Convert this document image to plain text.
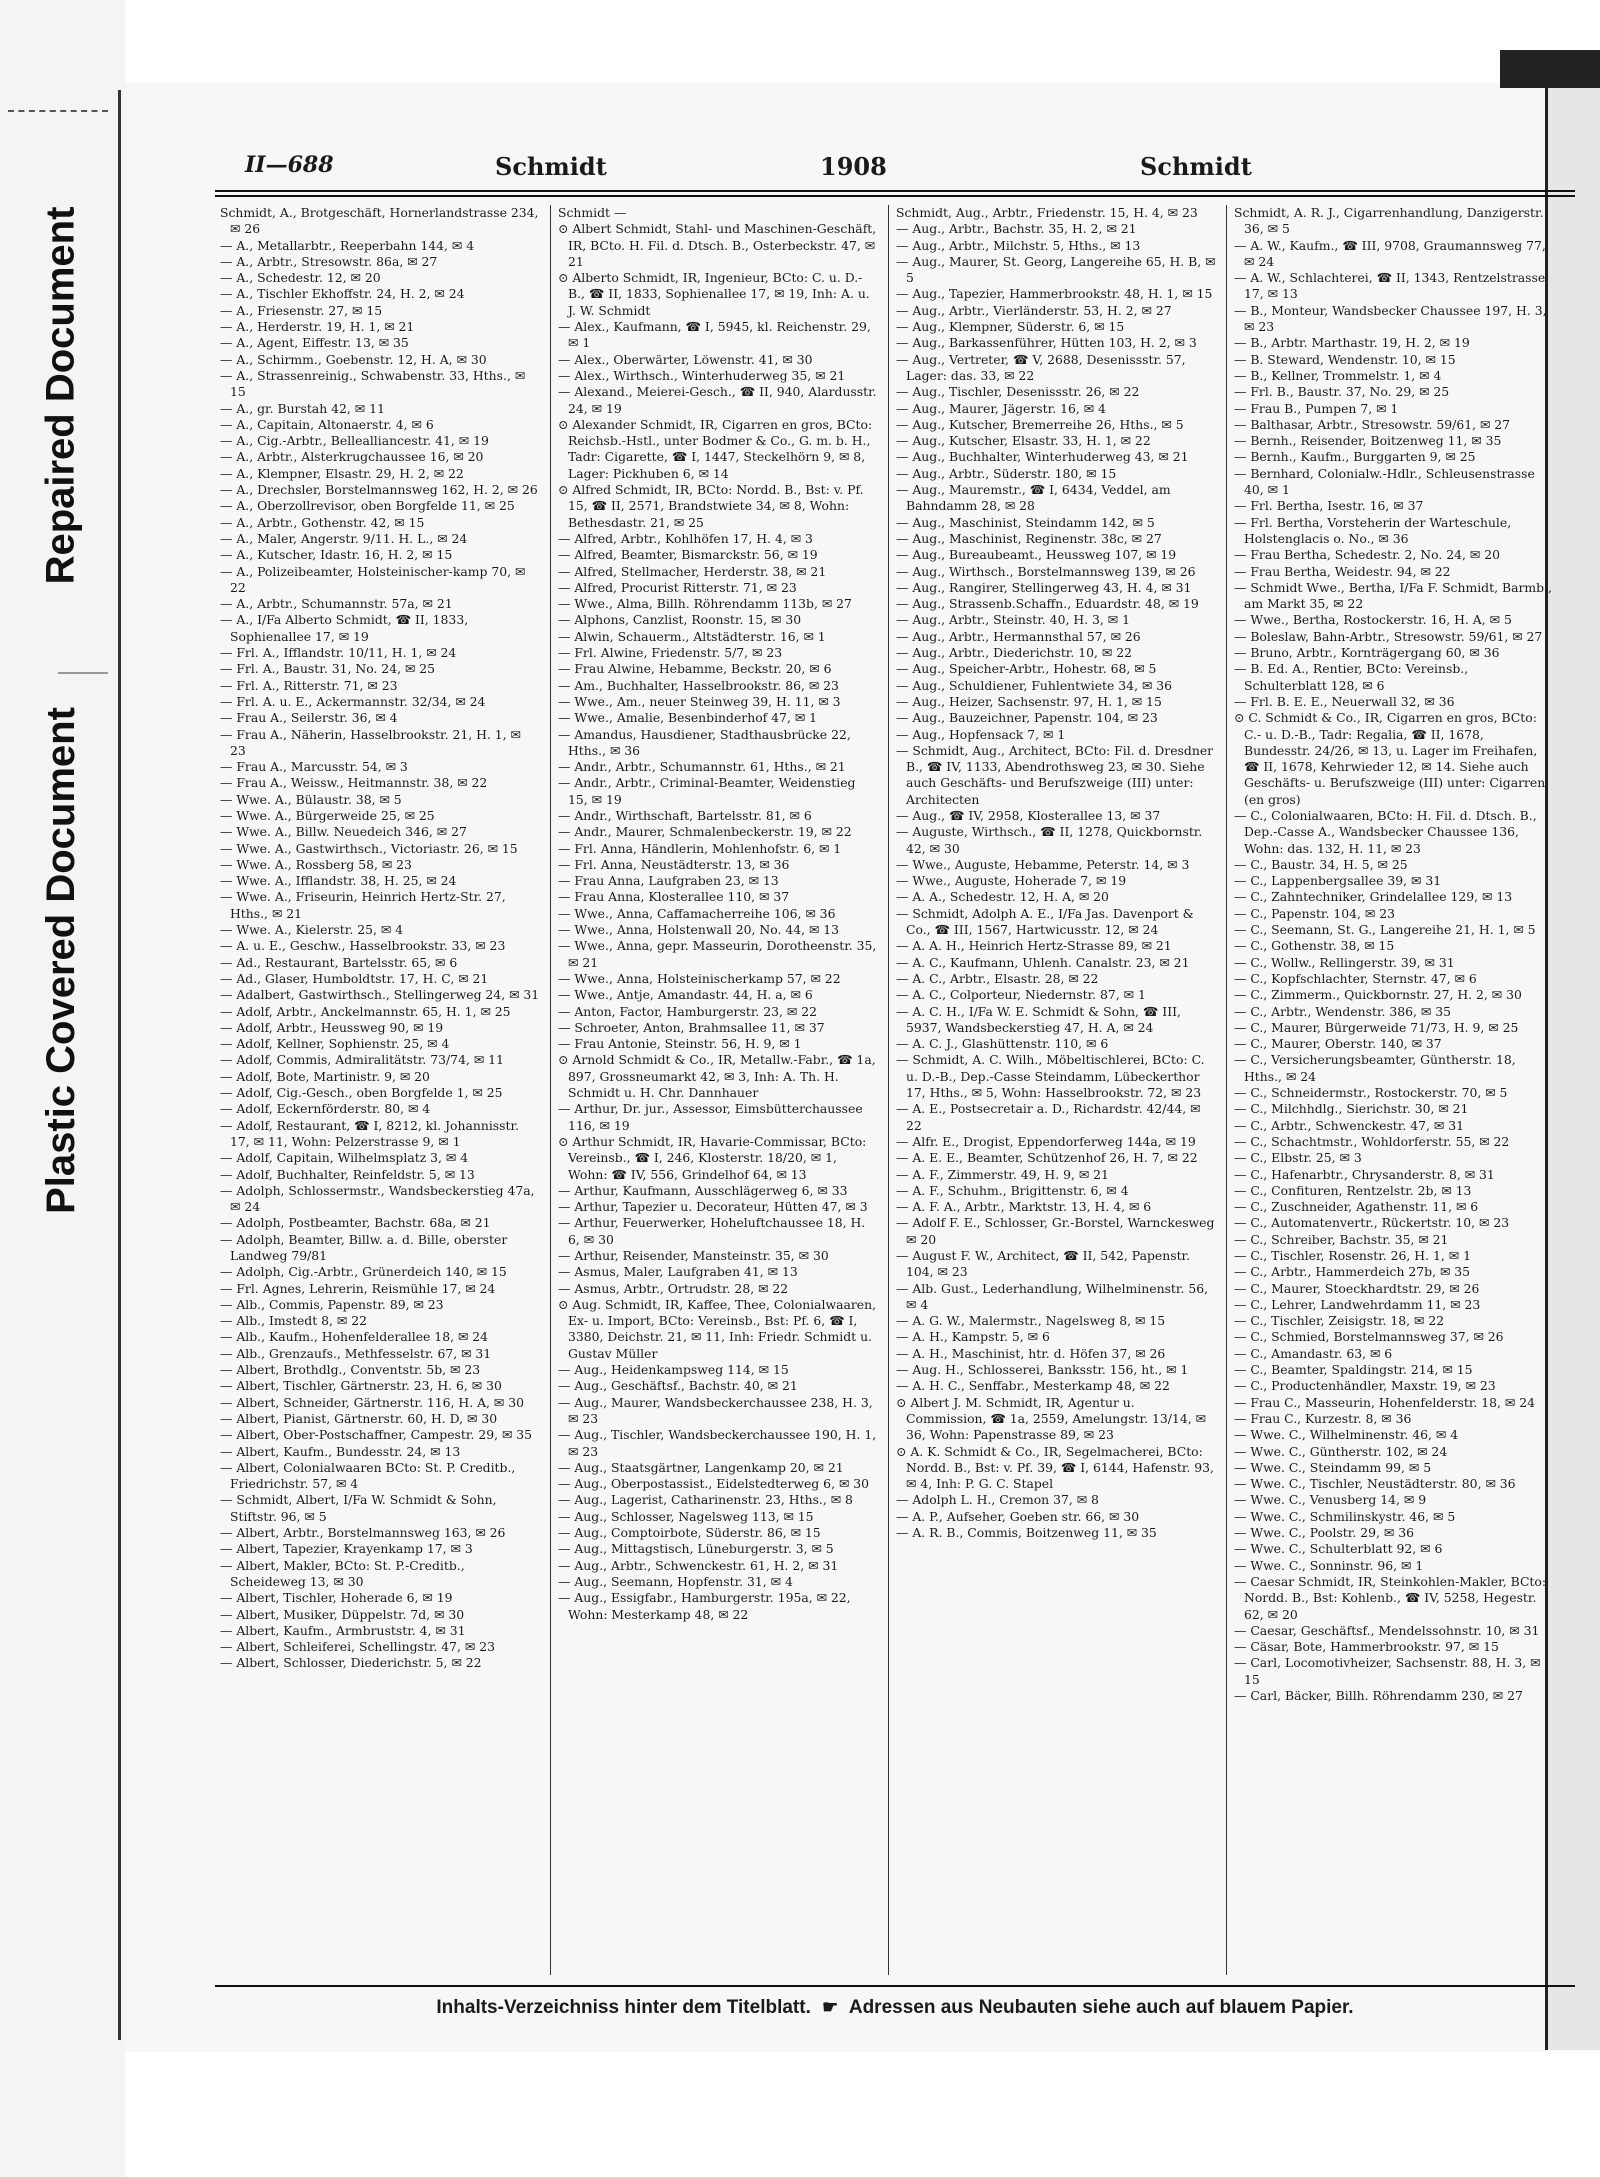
Repaired Document
Plastic Covered Document
II—688	Schmidt	1908	Schmidt

Schmidt, A., Brotgeschäft, Hornerlandstrasse 234, ✉ 26

— A., Metallarbtr., Reeperbahn 144, ✉ 4

— A., Arbtr., Stresowstr. 86a, ✉ 27

— A., Schedestr. 12, ✉ 20

— A., Tischler Ekhoffstr. 24, H. 2, ✉ 24

— A., Friesenstr. 27, ✉ 15

— A., Herderstr. 19, H. 1, ✉ 21

— A., Agent, Eiffestr. 13, ✉ 35

— A., Schirmm., Goebenstr. 12, H. A, ✉ 30

— A., Strassenreinig., Schwabenstr. 33, Hths., ✉ 15

— A., gr. Burstah 42, ✉ 11

— A., Capitain, Altonaerstr. 4, ✉ 6

— A., Cig.-Arbtr., Bellealliancestr. 41, ✉ 19

— A., Arbtr., Alsterkrugchaussee 16, ✉ 20

— A., Klempner, Elsastr. 29, H. 2, ✉ 22

— A., Drechsler, Borstelmannsweg 162, H. 2, ✉ 26

— A., Oberzollrevisor, oben Borgfelde 11, ✉ 25

— A., Arbtr., Gothenstr. 42, ✉ 15

— A., Maler, Angerstr. 9/11. H. L., ✉ 24

— A., Kutscher, Idastr. 16, H. 2, ✉ 15

— A., Polizeibeamter, Holsteinischer-kamp 70, ✉ 22

— A., Arbtr., Schumannstr. 57a, ✉ 21

— A., I/Fa Alberto Schmidt, ☎ II, 1833, Sophienallee 17, ✉ 19

— Frl. A., Ifflandstr. 10/11, H. 1, ✉ 24

— Frl. A., Baustr. 31, No. 24, ✉ 25

— Frl. A., Ritterstr. 71, ✉ 23

— Frl. A. u. E., Ackermannstr. 32/34, ✉ 24

— Frau A., Seilerstr. 36, ✉ 4

— Frau A., Näherin, Hasselbrookstr. 21, H. 1, ✉ 23

— Frau A., Marcusstr. 54, ✉ 3

— Frau A., Weissw., Heitmannstr. 38, ✉ 22

— Wwe. A., Bülaustr. 38, ✉ 5

— Wwe. A., Bürgerweide 25, ✉ 25

— Wwe. A., Billw. Neuedeich 346, ✉ 27

— Wwe. A., Gastwirthsch., Victoriastr. 26, ✉ 15

— Wwe. A., Rossberg 58, ✉ 23

— Wwe. A., Ifflandstr. 38, H. 25, ✉ 24

— Wwe. A., Friseurin, Heinrich Hertz-Str. 27, Hths., ✉ 21

— Wwe. A., Kielerstr. 25, ✉ 4

— A. u. E., Geschw., Hasselbrookstr. 33, ✉ 23

— Ad., Restaurant, Bartelsstr. 65, ✉ 6

— Ad., Glaser, Humboldtstr. 17, H. C, ✉ 21

— Adalbert, Gastwirthsch., Stellingerweg 24, ✉ 31

— Adolf, Arbtr., Anckelmannstr. 65, H. 1, ✉ 25

— Adolf, Arbtr., Heussweg 90, ✉ 19

— Adolf, Kellner, Sophienstr. 25, ✉ 4

— Adolf, Commis, Admiralitätstr. 73/74, ✉ 11

— Adolf, Bote, Martinistr. 9, ✉ 20

— Adolf, Cig.-Gesch., oben Borgfelde 1, ✉ 25

— Adolf, Eckernförderstr. 80, ✉ 4

— Adolf, Restaurant, ☎ I, 8212, kl. Johannisstr. 17, ✉ 11, Wohn: Pelzerstrasse 9, ✉ 1

— Adolf, Capitain, Wilhelmsplatz 3, ✉ 4

— Adolf, Buchhalter, Reinfeldstr. 5, ✉ 13

— Adolph, Schlossermstr., Wandsbeckerstieg 47a, ✉ 24

— Adolph, Postbeamter, Bachstr. 68a, ✉ 21

— Adolph, Beamter, Billw. a. d. Bille, oberster Landweg 79/81

— Adolph, Cig.-Arbtr., Grünerdeich 140, ✉ 15

— Frl. Agnes, Lehrerin, Reismühle 17, ✉ 24

— Alb., Commis, Papenstr. 89, ✉ 23

— Alb., Imstedt 8, ✉ 22

— Alb., Kaufm., Hohenfelderallee 18, ✉ 24

— Alb., Grenzaufs., Methfesselstr. 67, ✉ 31

— Albert, Brothdlg., Conventstr. 5b, ✉ 23

— Albert, Tischler, Gärtnerstr. 23, H. 6, ✉ 30

— Albert, Schneider, Gärtnerstr. 116, H. A, ✉ 30

— Albert, Pianist, Gärtnerstr. 60, H. D, ✉ 30

— Albert, Ober-Postschaffner, Campestr. 29, ✉ 35

— Albert, Kaufm., Bundesstr. 24, ✉ 13

— Albert, Colonialwaaren BCto: St. P. Creditb., Friedrichstr. 57, ✉ 4

— Schmidt, Albert, I/Fa W. Schmidt & Sohn, Stiftstr. 96, ✉ 5

— Albert, Arbtr., Borstelmannsweg 163, ✉ 26

— Albert, Tapezier, Krayenkamp 17, ✉ 3

— Albert, Makler, BCto: St. P.-Creditb., Scheideweg 13, ✉ 30

— Albert, Tischler, Hoherade 6, ✉ 19

— Albert, Musiker, Düppelstr. 7d, ✉ 30

— Albert, Kaufm., Armbruststr. 4, ✉ 31

— Albert, Schleiferei, Schellingstr. 47, ✉ 23

— Albert, Schlosser, Diederichstr. 5, ✉ 22

Schmidt —

⊙ Albert Schmidt, Stahl- und Maschinen-Geschäft, IR, BCto. H. Fil. d. Dtsch. B., Osterbeckstr. 47, ✉ 21

⊙ Alberto Schmidt, IR, Ingenieur, BCto: C. u. D.-B., ☎ II, 1833, Sophienallee 17, ✉ 19, Inh: A. u. J. W. Schmidt

— Alex., Kaufmann, ☎ I, 5945, kl. Reichenstr. 29, ✉ 1

— Alex., Oberwärter, Löwenstr. 41, ✉ 30

— Alex., Wirthsch., Winterhuderweg 35, ✉ 21

— Alexand., Meierei-Gesch., ☎ II, 940, Alardusstr. 24, ✉ 19

⊙ Alexander Schmidt, IR, Cigarren en gros, BCto: Reichsb.-Hstl., unter Bodmer & Co., G. m. b. H., Tadr: Cigarette, ☎ I, 1447, Steckelhörn 9, ✉ 8, Lager: Pickhuben 6, ✉ 14

⊙ Alfred Schmidt, IR, BCto: Nordd. B., Bst: v. Pf. 15, ☎ II, 2571, Brandstwiete 34, ✉ 8, Wohn: Bethesdastr. 21, ✉ 25

— Alfred, Arbtr., Kohlhöfen 17, H. 4, ✉ 3

— Alfred, Beamter, Bismarckstr. 56, ✉ 19

— Alfred, Stellmacher, Herderstr. 38, ✉ 21

— Alfred, Procurist Ritterstr. 71, ✉ 23

— Wwe., Alma, Billh. Röhrendamm 113b, ✉ 27

— Alphons, Canzlist, Roonstr. 15, ✉ 30

— Alwin, Schauerm., Altstädterstr. 16, ✉ 1

— Frl. Alwine, Friedenstr. 5/7, ✉ 23

— Frau Alwine, Hebamme, Beckstr. 20, ✉ 6

— Am., Buchhalter, Hasselbrookstr. 86, ✉ 23

— Wwe., Am., neuer Steinweg 39, H. 11, ✉ 3

— Wwe., Amalie, Besenbinderhof 47, ✉ 1

— Amandus, Hausdiener, Stadthausbrücke 22, Hths., ✉ 36

— Andr., Arbtr., Schumannstr. 61, Hths., ✉ 21

— Andr., Arbtr., Criminal-Beamter, Weidenstieg 15, ✉ 19

— Andr., Wirthschaft, Bartelsstr. 81, ✉ 6

— Andr., Maurer, Schmalenbeckerstr. 19, ✉ 22

— Frl. Anna, Händlerin, Mohlenhofstr. 6, ✉ 1

— Frl. Anna, Neustädterstr. 13, ✉ 36

— Frau Anna, Laufgraben 23, ✉ 13

— Frau Anna, Klosterallee 110, ✉ 37

— Wwe., Anna, Caffamacherreihe 106, ✉ 36

— Wwe., Anna, Holstenwall 20, No. 44, ✉ 13

— Wwe., Anna, gepr. Masseurin, Dorotheenstr. 35, ✉ 21

— Wwe., Anna, Holsteinischerkamp 57, ✉ 22

— Wwe., Antje, Amandastr. 44, H. a, ✉ 6

— Anton, Factor, Hamburgerstr. 23, ✉ 22

— Schroeter, Anton, Brahmsallee 11, ✉ 37

— Frau Antonie, Steinstr. 56, H. 9, ✉ 1

⊙ Arnold Schmidt & Co., IR, Metallw.-Fabr., ☎ 1a, 897, Grossneumarkt 42, ✉ 3, Inh: A. Th. H. Schmidt u. H. Chr. Dannhauer

— Arthur, Dr. jur., Assessor, Eimsbütterchaussee 116, ✉ 19

⊙ Arthur Schmidt, IR, Havarie-Commissar, BCto: Vereinsb., ☎ I, 246, Klosterstr. 18/20, ✉ 1, Wohn: ☎ IV, 556, Grindelhof 64, ✉ 13

— Arthur, Kaufmann, Ausschlägerweg 6, ✉ 33

— Arthur, Tapezier u. Decorateur, Hütten 47, ✉ 3

— Arthur, Feuerwerker, Hoheluftchaussee 18, H. 6, ✉ 30

— Arthur, Reisender, Mansteinstr. 35, ✉ 30

— Asmus, Maler, Laufgraben 41, ✉ 13

— Asmus, Arbtr., Ortrudstr. 28, ✉ 22

⊙ Aug. Schmidt, IR, Kaffee, Thee, Colonialwaaren, Ex- u. Import, BCto: Vereinsb., Bst: Pf. 6, ☎ I, 3380, Deichstr. 21, ✉ 11, Inh: Friedr. Schmidt u. Gustav Müller

— Aug., Heidenkampsweg 114, ✉ 15

— Aug., Geschäftsf., Bachstr. 40, ✉ 21

— Aug., Maurer, Wandsbeckerchaussee 238, H. 3, ✉ 23

— Aug., Tischler, Wandsbeckerchaussee 190, H. 1, ✉ 23

— Aug., Staatsgärtner, Langenkamp 20, ✉ 21

— Aug., Oberpostassist., Eidelstedterweg 6, ✉ 30

— Aug., Lagerist, Catharinenstr. 23, Hths., ✉ 8

— Aug., Schlosser, Nagelsweg 113, ✉ 15

— Aug., Comptoirbote, Süderstr. 86, ✉ 15

— Aug., Mittagstisch, Lüneburgerstr. 3, ✉ 5

— Aug., Arbtr., Schwenckestr. 61, H. 2, ✉ 31

— Aug., Seemann, Hopfenstr. 31, ✉ 4

— Aug., Essigfabr., Hamburgerstr. 195a, ✉ 22, Wohn: Mesterkamp 48, ✉ 22

Schmidt, Aug., Arbtr., Friedenstr. 15, H. 4, ✉ 23

— Aug., Arbtr., Bachstr. 35, H. 2, ✉ 21

— Aug., Arbtr., Milchstr. 5, Hths., ✉ 13

— Aug., Maurer, St. Georg, Langereihe 65, H. B, ✉ 5

— Aug., Tapezier, Hammerbrookstr. 48, H. 1, ✉ 15

— Aug., Arbtr., Vierländerstr. 53, H. 2, ✉ 27

— Aug., Klempner, Süderstr. 6, ✉ 15

— Aug., Barkassenführer, Hütten 103, H. 2, ✉ 3

— Aug., Vertreter, ☎ V, 2688, Desenissstr. 57, Lager: das. 33, ✉ 22

— Aug., Tischler, Desenissstr. 26, ✉ 22

— Aug., Maurer, Jägerstr. 16, ✉ 4

— Aug., Kutscher, Bremerreihe 26, Hths., ✉ 5

— Aug., Kutscher, Elsastr. 33, H. 1, ✉ 22

— Aug., Buchhalter, Winterhuderweg 43, ✉ 21

— Aug., Arbtr., Süderstr. 180, ✉ 15

— Aug., Mauremstr., ☎ I, 6434, Veddel, am Bahndamm 28, ✉ 28

— Aug., Maschinist, Steindamm 142, ✉ 5

— Aug., Maschinist, Reginenstr. 38c, ✉ 27

— Aug., Bureaubeamt., Heussweg 107, ✉ 19

— Aug., Wirthsch., Borstelmannsweg 139, ✉ 26

— Aug., Rangirer, Stellingerweg 43, H. 4, ✉ 31

— Aug., Strassenb.Schaffn., Eduardstr. 48, ✉ 19

— Aug., Arbtr., Steinstr. 40, H. 3, ✉ 1

— Aug., Arbtr., Hermannsthal 57, ✉ 26

— Aug., Arbtr., Diederichstr. 10, ✉ 22

— Aug., Speicher-Arbtr., Hohestr. 68, ✉ 5

— Aug., Schuldiener, Fuhlentwiete 34, ✉ 36

— Aug., Heizer, Sachsenstr. 97, H. 1, ✉ 15

— Aug., Bauzeichner, Papenstr. 104, ✉ 23

— Aug., Hopfensack 7, ✉ 1

— Schmidt, Aug., Architect, BCto: Fil. d. Dresdner B., ☎ IV, 1133, Abendrothsweg 23, ✉ 30. Siehe auch Geschäfts- und Berufszweige (III) unter: Architecten

— Aug., ☎ IV, 2958, Klosterallee 13, ✉ 37

— Auguste, Wirthsch., ☎ II, 1278, Quickbornstr. 42, ✉ 30

— Wwe., Auguste, Hebamme, Peterstr. 14, ✉ 3

— Wwe., Auguste, Hoherade 7, ✉ 19

— A. A., Schedestr. 12, H. A, ✉ 20

— Schmidt, Adolph A. E., I/Fa Jas. Davenport & Co., ☎ III, 1567, Hartwicusstr. 12, ✉ 24

— A. A. H., Heinrich Hertz-Strasse 89, ✉ 21

— A. C., Kaufmann, Uhlenh. Canalstr. 23, ✉ 21

— A. C., Arbtr., Elsastr. 28, ✉ 22

— A. C., Colporteur, Niedernstr. 87, ✉ 1

— A. C. H., I/Fa W. E. Schmidt & Sohn, ☎ III, 5937, Wandsbeckerstieg 47, H. A, ✉ 24

— A. C. J., Glashüttenstr. 110, ✉ 6

— Schmidt, A. C. Wilh., Möbeltischlerei, BCto: C. u. D.-B., Dep.-Casse Steindamm, Lübeckerthor 17, Hths., ✉ 5, Wohn: Hasselbrookstr. 72, ✉ 23

— A. E., Postsecretair a. D., Richardstr. 42/44, ✉ 22

— Alfr. E., Drogist, Eppendorferweg 144a, ✉ 19

— A. E. E., Beamter, Schützenhof 26, H. 7, ✉ 22

— A. F., Zimmerstr. 49, H. 9, ✉ 21

— A. F., Schuhm., Brigittenstr. 6, ✉ 4

— A. F. A., Arbtr., Marktstr. 13, H. 4, ✉ 6

— Adolf F. E., Schlosser, Gr.-Borstel, Warnckesweg ✉ 20

— August F. W., Architect, ☎ II, 542, Papenstr. 104, ✉ 23

— Alb. Gust., Lederhandlung, Wilhelminenstr. 56, ✉ 4

— A. G. W., Malermstr., Nagelsweg 8, ✉ 15

— A. H., Kampstr. 5, ✉ 6

— A. H., Maschinist, htr. d. Höfen 37, ✉ 26

— Aug. H., Schlosserei, Banksstr. 156, ht., ✉ 1

— A. H. C., Senffabr., Mesterkamp 48, ✉ 22

⊙ Albert J. M. Schmidt, IR, Agentur u. Commission, ☎ 1a, 2559, Amelungstr. 13/14, ✉ 36, Wohn: Papenstrasse 89, ✉ 23

⊙ A. K. Schmidt & Co., IR, Segelmacherei, BCto: Nordd. B., Bst: v. Pf. 39, ☎ I, 6144, Hafenstr. 93, ✉ 4, Inh: P. G. C. Stapel

— Adolph L. H., Cremon 37, ✉ 8

— A. P., Aufseher, Goeben str. 66, ✉ 30

— A. R. B., Commis, Boitzenweg 11, ✉ 35

Schmidt, A. R. J., Cigarrenhandlung, Danzigerstr. 36, ✉ 5

— A. W., Kaufm., ☎ III, 9708, Graumannsweg 77, ✉ 24

— A. W., Schlachterei, ☎ II, 1343, Rentzelstrasse 17, ✉ 13

— B., Monteur, Wandsbecker Chaussee 197, H. 3, ✉ 23

— B., Arbtr. Marthastr. 19, H. 2, ✉ 19

— B. Steward, Wendenstr. 10, ✉ 15

— B., Kellner, Trommelstr. 1, ✉ 4

— Frl. B., Baustr. 37, No. 29, ✉ 25

— Frau B., Pumpen 7, ✉ 1

— Balthasar, Arbtr., Stresowstr. 59/61, ✉ 27

— Bernh., Reisender, Boitzenweg 11, ✉ 35

— Bernh., Kaufm., Burggarten 9, ✉ 25

— Bernhard, Colonialw.-Hdlr., Schleusenstrasse 40, ✉ 1

— Frl. Bertha, Isestr. 16, ✉ 37

— Frl. Bertha, Vorsteherin der Warteschule, Holstenglacis o. No., ✉ 36

— Frau Bertha, Schedestr. 2, No. 24, ✉ 20

— Frau Bertha, Weidestr. 94, ✉ 22

— Schmidt Wwe., Bertha, I/Fa F. Schmidt, Barmb., am Markt 35, ✉ 22

— Wwe., Bertha, Rostockerstr. 16, H. A, ✉ 5

— Boleslaw, Bahn-Arbtr., Stresowstr. 59/61, ✉ 27

— Bruno, Arbtr., Kornträgergang 60, ✉ 36

— B. Ed. A., Rentier, BCto: Vereinsb., Schulterblatt 128, ✉ 6

— Frl. B. E. E., Neuerwall 32, ✉ 36

⊙ C. Schmidt & Co., IR, Cigarren en gros, BCto: C.- u. D.-B., Tadr: Regalia, ☎ II, 1678, Bundesstr. 24/26, ✉ 13, u. Lager im Freihafen, ☎ II, 1678, Kehrwieder 12, ✉ 14. Siehe auch Geschäfts- u. Berufszweige (III) unter: Cigarren (en gros)

— C., Colonialwaaren, BCto: H. Fil. d. Dtsch. B., Dep.-Casse A., Wandsbecker Chaussee 136, Wohn: das. 132, H. 11, ✉ 23

— C., Baustr. 34, H. 5, ✉ 25

— C., Lappenbergsallee 39, ✉ 31

— C., Zahntechniker, Grindelallee 129, ✉ 13

— C., Papenstr. 104, ✉ 23

— C., Seemann, St. G., Langereihe 21, H. 1, ✉ 5

— C., Gothenstr. 38, ✉ 15

— C., Wollw., Rellingerstr. 39, ✉ 31

— C., Kopfschlachter, Sternstr. 47, ✉ 6

— C., Zimmerm., Quickbornstr. 27, H. 2, ✉ 30

— C., Arbtr., Wendenstr. 386, ✉ 35

— C., Maurer, Bürgerweide 71/73, H. 9, ✉ 25

— C., Maurer, Oberstr. 140, ✉ 37

— C., Versicherungsbeamter, Güntherstr. 18, Hths., ✉ 24

— C., Schneidermstr., Rostockerstr. 70, ✉ 5

— C., Milchhdlg., Sierichstr. 30, ✉ 21

— C., Arbtr., Schwenckestr. 47, ✉ 31

— C., Schachtmstr., Wohldorferstr. 55, ✉ 22

— C., Elbstr. 25, ✉ 3

— C., Hafenarbtr., Chrysanderstr. 8, ✉ 31

— C., Confituren, Rentzelstr. 2b, ✉ 13

— C., Zuschneider, Agathenstr. 11, ✉ 6

— C., Automatenvertr., Rückertstr. 10, ✉ 23

— C., Schreiber, Bachstr. 35, ✉ 21

— C., Tischler, Rosenstr. 26, H. 1, ✉ 1

— C., Arbtr., Hammerdeich 27b, ✉ 35

— C., Maurer, Stoeckhardtstr. 29, ✉ 26

— C., Lehrer, Landwehrdamm 11, ✉ 23

— C., Tischler, Zeisigstr. 18, ✉ 22

— C., Schmied, Borstelmannsweg 37, ✉ 26

— C., Amandastr. 63, ✉ 6

— C., Beamter, Spaldingstr. 214, ✉ 15

— C., Productenhändler, Maxstr. 19, ✉ 23

— Frau C., Masseurin, Hohenfelderstr. 18, ✉ 24

— Frau C., Kurzestr. 8, ✉ 36

— Wwe. C., Wilhelminenstr. 46, ✉ 4

— Wwe. C., Güntherstr. 102, ✉ 24

— Wwe. C., Steindamm 99, ✉ 5

— Wwe. C., Tischler, Neustädterstr. 80, ✉ 36

— Wwe. C., Venusberg 14, ✉ 9

— Wwe. C., Schmilinskystr. 46, ✉ 5

— Wwe. C., Poolstr. 29, ✉ 36

— Wwe. C., Schulterblatt 92, ✉ 6

— Wwe. C., Sonninstr. 96, ✉ 1

— Caesar Schmidt, IR, Steinkohlen-Makler, BCto: Nordd. B., Bst: Kohlenb., ☎ IV, 5258, Hegestr. 62, ✉ 20

— Caesar, Geschäftsf., Mendelssohnstr. 10, ✉ 31

— Cäsar, Bote, Hammerbrookstr. 97, ✉ 15

— Carl, Locomotivheizer, Sachsenstr. 88, H. 3, ✉ 15

— Carl, Bäcker, Billh. Röhrendamm 230, ✉ 27

Inhalts-Verzeichniss hinter dem Titelblatt. ☛ Adressen aus Neubauten siehe auch auf blauem Papier.
